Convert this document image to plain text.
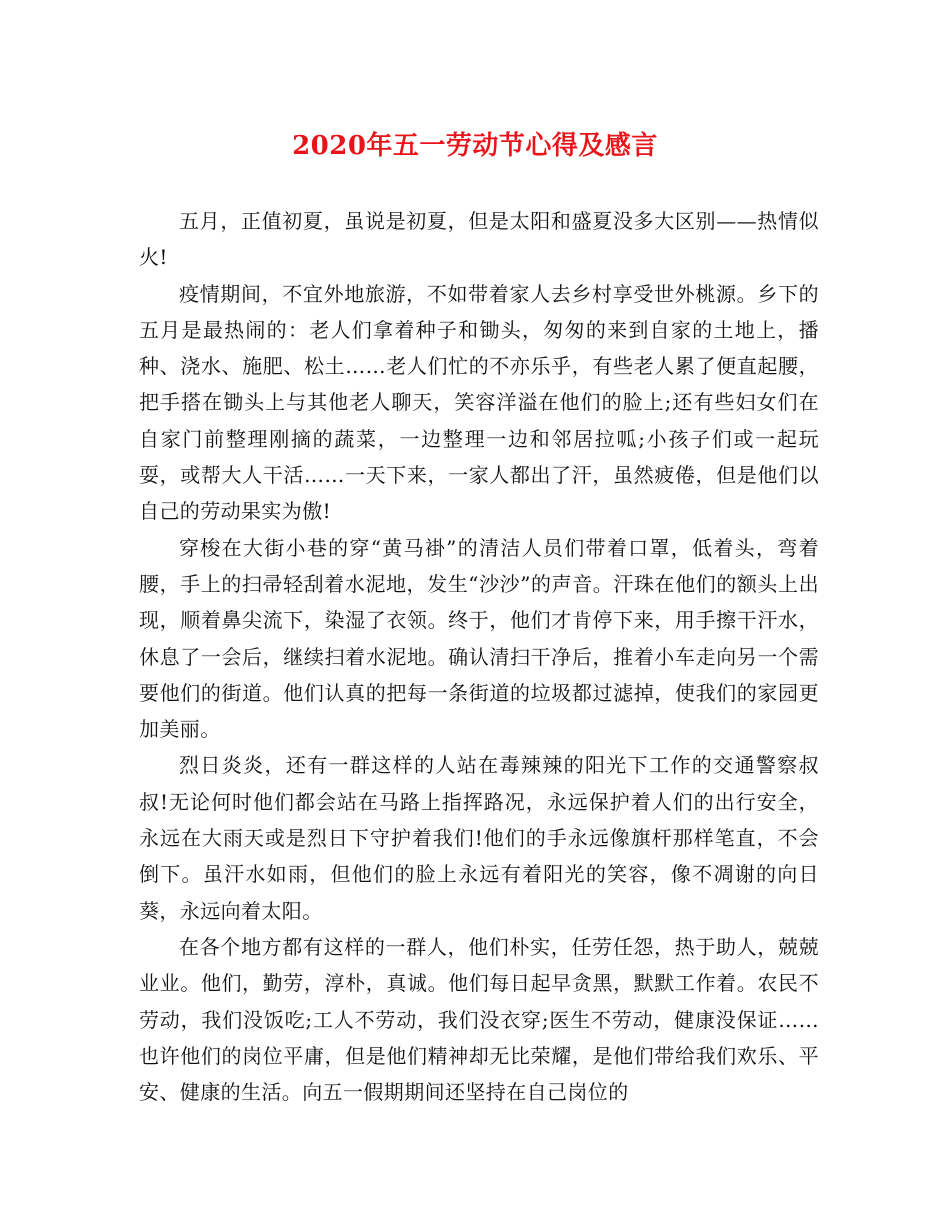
2020年五一劳动节心得及感言

五月，正值初夏，虽说是初夏，但是太阳和盛夏没多大区别——热情似火!

疫情期间，不宜外地旅游，不如带着家人去乡村享受世外桃源。乡下的五月是最热闹的：老人们拿着种子和锄头，匆匆的来到自家的土地上，播种、浇水、施肥、松土……老人们忙的不亦乐乎，有些老人累了便直起腰，把手搭在锄头上与其他老人聊天，笑容洋溢在他们的脸上;还有些妇女们在自家门前整理刚摘的蔬菜，一边整理一边和邻居拉呱;小孩子们或一起玩耍，或帮大人干活……一天下来，一家人都出了汗，虽然疲倦，但是他们以自己的劳动果实为傲!

穿梭在大街小巷的穿“黄马褂”的清洁人员们带着口罩，低着头，弯着腰，手上的扫帚轻刮着水泥地，发生“沙沙”的声音。汗珠在他们的额头上出现，顺着鼻尖流下，染湿了衣领。终于，他们才肯停下来，用手擦干汗水，休息了一会后，继续扫着水泥地。确认清扫干净后，推着小车走向另一个需要他们的街道。他们认真的把每一条街道的垃圾都过滤掉，使我们的家园更加美丽。

烈日炎炎，还有一群这样的人站在毒辣辣的阳光下工作的交通警察叔叔!无论何时他们都会站在马路上指挥路况，永远保护着人们的出行安全，永远在大雨天或是烈日下守护着我们!他们的手永远像旗杆那样笔直，不会倒下。虽汗水如雨，但他们的脸上永远有着阳光的笑容，像不凋谢的向日葵，永远向着太阳。

在各个地方都有这样的一群人，他们朴实，任劳任怨，热于助人，兢兢业业。他们，勤劳，淳朴，真诚。他们每日起早贪黑，默默工作着。农民不劳动，我们没饭吃;工人不劳动，我们没衣穿;医生不劳动，健康没保证……也许他们的岗位平庸，但是他们精神却无比荣耀，是他们带给我们欢乐、平安、健康的生活。向五一假期期间还坚持在自己岗位的
